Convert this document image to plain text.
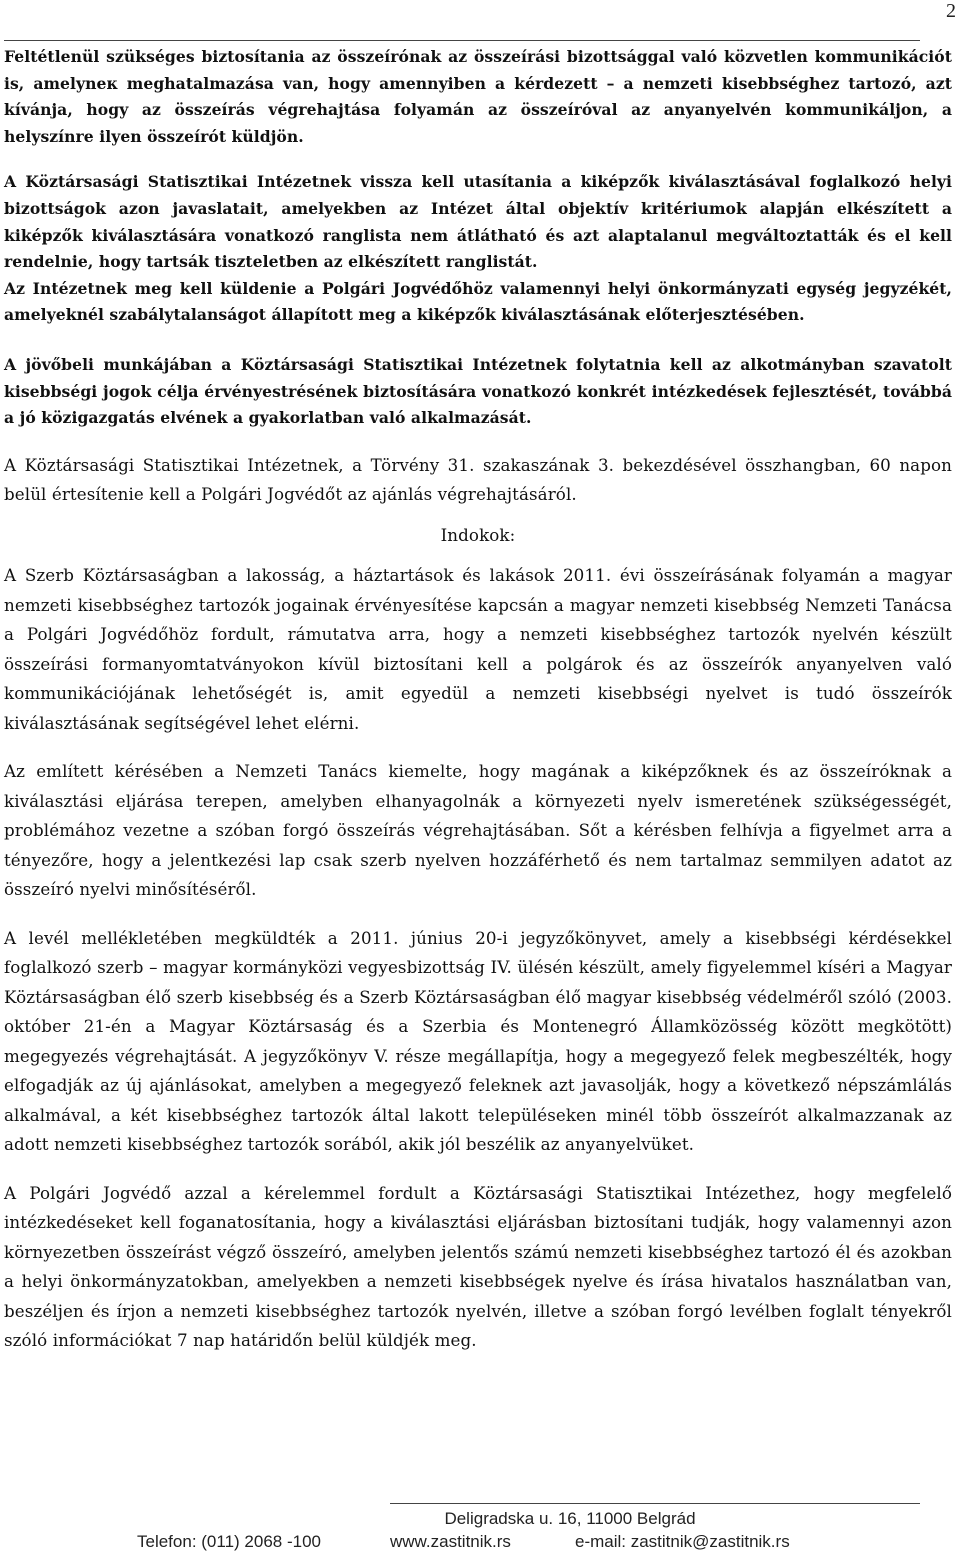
2

Feltétlenül szükséges biztosítania az összeírónak az összeírási bizottsággal való közvetlen kommunikációt is, amelyneк meghatalmazása van, hogy amennyiben a kérdezett – a nemzeti kisebbséghez tartozó, azt kívánja, hogy az összeírás végrehajtása folyamán az összeíróval az anyanyelvén kommunikáljon, a helyszínre ilyen összeírót küldjön.

A Köztársasági Statisztikai Intézetnek vissza kell utasítania a kiképzők kiválasztásával foglalkozó helyi bizottságok azon javaslatait, amelyekben az Intézet által objektív kritériumok alapján elkészített a kiképzők kiválasztására vonatkozó ranglista nem átlátható és azt alaptalanul megváltoztatták és el kell rendelnie, hogy tartsák tiszteletben az elkészített ranglistát.

Az Intézetnek meg kell küldenie a Polgári Jogvédőhöz valamennyi helyi önkormányzati egység jegyzékét, amelyeknél szabálytalanságot állapított meg a kiképzők kiválasztásának előterjesztésében.

A jövőbeli munkájában a Köztársasági Statisztikai Intézetnek folytatnia kell az alkotmányban szavatolt kisebbségi jogok célja érvényestrésének biztosítására vonatkozó konkrét intézkedések fejlesztését, továbbá a jó közigazgatás elvének a gyakorlatban való alkalmazását.

A Köztársasági Statisztikai Intézetnek, a Törvény 31. szakaszának 3. bekezdésével összhangban, 60 napon belül értesítenie kell a Polgári Jogvédőt az ajánlás végrehajtásáról.

Indokok:

A Szerb Köztársaságban a lakosság, a háztartások és lakások 2011. évi összeírásának folyamán a magyar nemzeti kisebbséghez tartozók jogainak érvényesítése kapcsán a magyar nemzeti kisebbség Nemzeti Tanácsa a Polgári Jogvédőhöz fordult, rámutatva arra, hogy a nemzeti kisebbséghez tartozók nyelvén készült összeírási formanyomtatványokon kívül biztosítani kell a polgárok és az összeírók anyanyelven való kommunikációjának lehetőségét is, amit egyedül a nemzeti kisebbségi nyelvet is tudó összeírók kiválasztásának segítségével lehet elérni.

Az említett kérésében a Nemzeti Tanács kiemelte, hogy magának a kiképzőknek és az összeíróknak a kiválasztási eljárása terepen, amelyben elhanyagolnák a környezeti nyelv ismeretének szükségességét, problémához vezetne a szóban forgó összeírás végrehajtásában. Sőt a kérésben felhívja a figyelmet arra a tényezőre, hogy a jelentkezési lap csak szerb nyelven hozzáférhető és nem tartalmaz semmilyen adatot az összeíró nyelvi minősítéséről.

A levél mellékletében megküldték a 2011. június 20-i jegyzőkönyvet, amely a kisebbségi kérdésekkel foglalkozó szerb – magyar kormányközi vegyesbizottság IV. ülésén készült, amely figyelemmel kíséri a Magyar Köztársaságban élő szerb kisebbség és a Szerb Köztársaságban élő magyar kisebbség védelméről szóló (2003. október 21-én a Magyar Köztársaság és a Szerbia és Montenegró Államközösség között megkötött) megegyezés végrehajtását. A jegyzőkönyv V. része megállapítja, hogy a megegyező felek megbeszélték, hogy elfogadják az új ajánlásokat, amelyben a megegyező feleknek azt javasolják, hogy a következő népszámlálás alkalmával, a két kisebbséghez tartozók által lakott településeken minél több összeírót alkalmazzanak az adott nemzeti kisebbséghez tartozók sorából, akik jól beszélik az anyanyelvüket.

A Polgári Jogvédő azzal a kérelemmel fordult a Köztársasági Statisztikai Intézethez, hogy megfelelő intézkedéseket kell foganatosítania, hogy a kiválasztási eljárásban biztosítani tudják, hogy valamennyi azon környezetben összeírást végző összeíró, amelyben jelentős számú nemzeti kisebbséghez tartozó él és azokban a helyi önkormányzatokban, amelyekben a nemzeti kisebbségek nyelve és írása hivatalos használatban van, beszéljen és írjon a nemzeti kisebbséghez tartozók nyelvén, illetve a szóban forgó levélben foglalt tényekről szóló információkat 7 nap határidőn belül küldjék meg.

Deligradska u. 16, 11000 Belgrád
Telefon: (011) 2068 -100	www.zastitnik.rs	e-mail: zastitnik@zastitnik.rs
